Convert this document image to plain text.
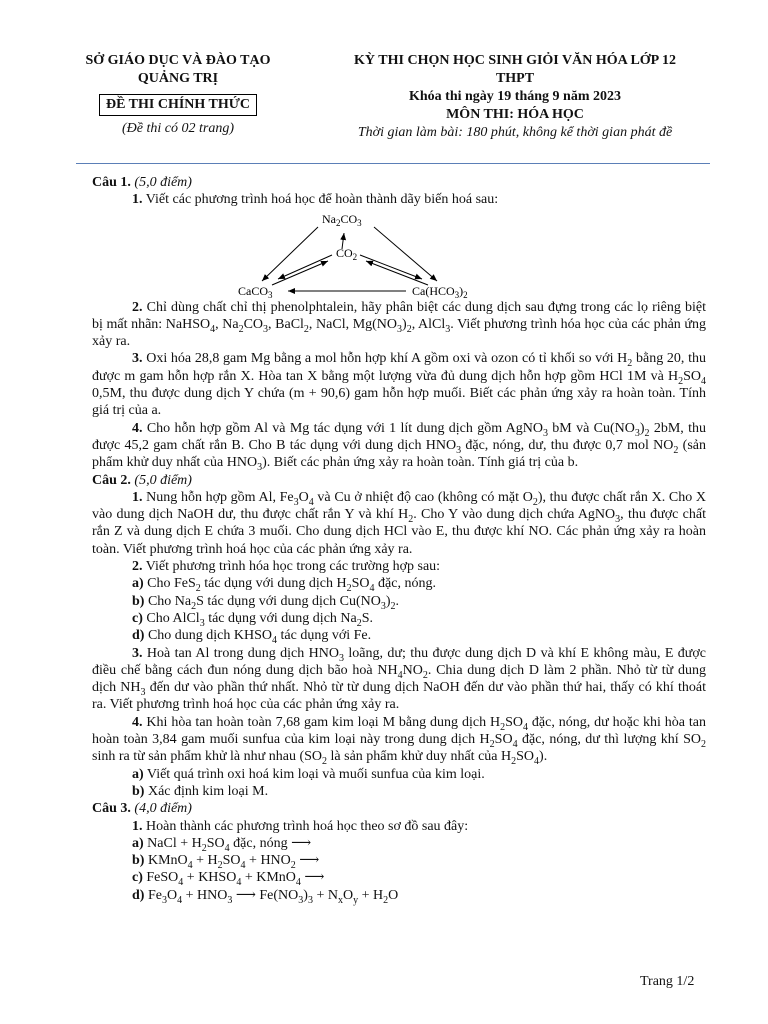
SỞ GIÁO DỤC VÀ ĐÀO TẠO
QUẢNG TRỊ
ĐỀ THI CHÍNH THỨC
(Đề thi có 02 trang)
KỲ THI CHỌN HỌC SINH GIỎI VĂN HÓA LỚP 12
THPT
Khóa thi ngày 19 tháng 9 năm 2023
MÔN THI: HÓA HỌC
Thời gian làm bài: 180 phút, không kể thời gian phát đề

Câu 1. (5,0 điểm)

1. Viết các phương trình hoá học để hoàn thành dãy biến hoá sau:

$Na_2CO_3$
$CO_2$
CaCO$_3$	$Ca(HCO_3)_2$

2. Chỉ dùng chất chỉ thị phenolphtalein, hãy phân biệt các dung dịch sau đựng trong các lọ riêng biệt bị mất nhãn: NaHSO$_4$, $Na_2CO_3$, BaCl$_2$, NaCl, $Mg(NO_3)_2$, AlCl$_3$. Viết phương trình hóa học của các phản ứng xảy ra.

3. Oxi hóa 28,8 gam Mg bằng a mol hỗn hợp khí A gồm oxi và ozon có tỉ khối so với $H_2$ bằng 20, thu được m gam hỗn hợp rắn X. Hòa tan X bằng một lượng vừa đủ dung dịch hỗn hợp gồm HCl 1M và $H_2SO_4$ 0,5M, thu được dung dịch Y chứa (m + 90,6) gam hỗn hợp muối. Biết các phản ứng xảy ra hoàn toàn. Tính giá trị của a.

4. Cho hỗn hợp gồm Al và Mg tác dụng với 1 lít dung dịch gồm AgNO$_3$ bM và $Cu(NO_3)_2$ 2bM, thu được 45,2 gam chất rắn B. Cho B tác dụng với dung dịch $HNO_3$ đặc, nóng, dư, thu được 0,7 mol $NO_2$ (sản phẩm khử duy nhất của $HNO_3$). Biết các phản ứng xảy ra hoàn toàn. Tính giá trị của b.

Câu 2. (5,0 điểm)

1. Nung hỗn hợp gồm Al, $Fe_3O_4$ và Cu ở nhiệt độ cao (không có mặt $O_2$), thu được chất rắn X. Cho X vào dung dịch NaOH dư, thu được chất rắn Y và khí $H_2$. Cho Y vào dung dịch chứa AgNO$_3$, thu được chất rắn Z và dung dịch E chứa 3 muối. Cho dung dịch HCl vào E, thu được khí NO. Các phản ứng xảy ra hoàn toàn. Viết phương trình hoá học của các phản ứng xảy ra.

2. Viết phương trình hóa học trong các trường hợp sau:

a) Cho FeS$_2$ tác dụng với dung dịch $H_2SO_4$ đặc, nóng.

b) Cho $Na_2S$ tác dụng với dung dịch $Cu(NO_3)_2$.

c) Cho AlCl$_3$ tác dụng với dung dịch $Na_2S$.

d) Cho dung dịch $KHSO_4$ tác dụng với Fe.

3. Hoà tan Al trong dung dịch $HNO_3$ loãng, dư; thu được dung dịch D và khí E không màu, E được điều chế bằng cách đun nóng dung dịch bão hoà $NH_4NO_2$. Chia dung dịch D làm 2 phần. Nhỏ từ từ dung dịch $NH_3$ đến dư vào phần thứ nhất. Nhỏ từ từ dung dịch NaOH đến dư vào phần thứ hai, thấy có khí thoát ra. Viết phương trình hoá học của các phản ứng xảy ra.

4. Khi hòa tan hoàn toàn 7,68 gam kim loại M bằng dung dịch $H_2SO_4$ đặc, nóng, dư hoặc khi hòa tan hoàn toàn 3,84 gam muối sunfua của kim loại này trong dung dịch $H_2SO_4$ đặc, nóng, dư thì lượng khí $SO_2$ sinh ra từ sản phẩm khử là như nhau ($SO_2$ là sản phẩm khử duy nhất của $H_2SO_4$).

a) Viết quá trình oxi hoá kim loại và muối sunfua của kim loại.

b) Xác định kim loại M.

Câu 3. (4,0 điểm)

1. Hoàn thành các phương trình hoá học theo sơ đồ sau đây:

a) NaCl + $H_2SO_4$ đặc, nóng ⟶

b) KMnO$_4$ + $H_2SO_4 + HNO_2$ ⟶

c) FeSO$_4$ + $KHSO_4$ + KMnO$_4$ ⟶

d) $Fe_3O_4 + HNO_3$ ⟶ $Fe(NO_3)_3 + N_xO_y + H_2O$

Trang 1/2
